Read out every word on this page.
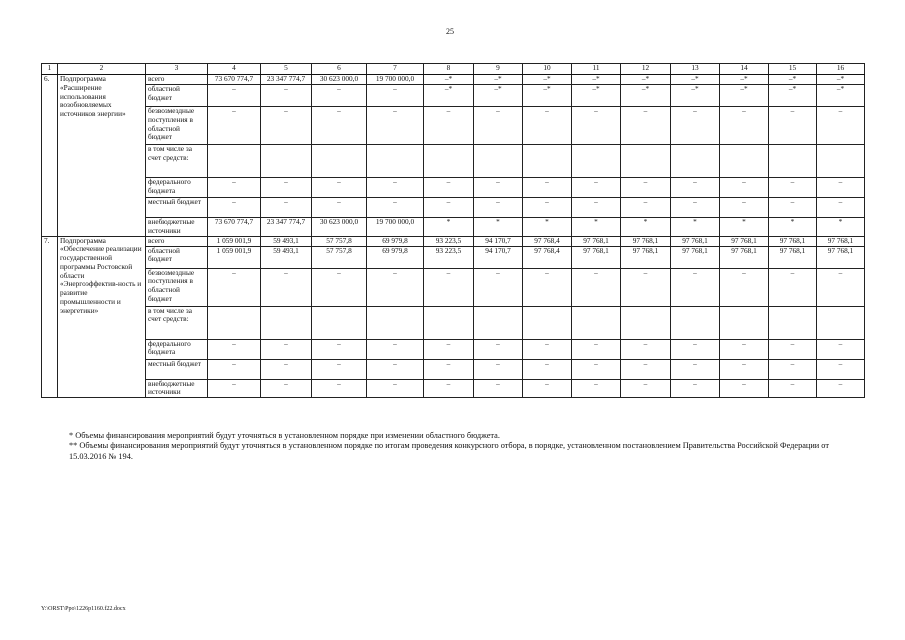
25
1	2	3	4	5	6	7	8	9	10	11	12	13	14	15	16
6.	Подпрограмма «Расширение использования возобновляемых источников энергии»	всего	73 670 774,7	23 347 774,7	30 623 000,0	19 700 000,0	–*	–*	–*	–*	–*	–*	–*	–*	–*
		областной бюджет	–	–	–	–	–*	–*	–*	–*	–*	–*	–*	–*	–*
		безвозмездные поступления в областной бюджет	–	–	–	–	–	–	–	–	–	–	–	–	–
		в том числе за счет средств:													
		федерального бюджета	–	–	–	–	–	–	–	–	–	–	–	–	–
		местный бюджет	–	–	–	–	–	–	–	–	–	–	–	–	–
		внебюджетные источники	73 670 774,7	23 347 774,7	30 623 000,0	19 700 000,0	*	*	*	*	*	*	*	*	*
7.	Подпрограмма «Обеспечение реализации государственной программы Ростовской области «Энергоэффектив-ность и развитие промышленности и энергетики»	всего	1 059 001,9	59 493,1	57 757,8	69 979,8	93 223,5	94 170,7	97 768,4	97 768,1	97 768,1	97 768,1	97 768,1	97 768,1	97 768,1
		областной бюджет	1 059 001,9	59 493,1	57 757,8	69 979,8	93 223,5	94 170,7	97 768,4	97 768,1	97 768,1	97 768,1	97 768,1	97 768,1	97 768,1
		безвозмездные поступления в областной бюджет	–	–	–	–	–	–	–	–	–	–	–	–	–
		в том числе за счет средств:													
		федерального бюджета	–	–	–	–	–	–	–	–	–	–	–	–	–
		местный бюджет	–	–	–	–	–	–	–	–	–	–	–	–	–
		внебюджетные источники	–	–	–	–	–	–	–	–	–	–	–	–	–
* Объемы финансирования мероприятий будут уточняться в установленном порядке при изменении областного бюджета.
** Объемы финансирования мероприятий будут уточняться в установленном порядке по итогам проведения конкурсного отбора, в порядке, установленном постановлением Правительства Российской Федерации от 15.03.2016 № 194.
Y:\ORST\Ppo\1226p1160.f22.docx
